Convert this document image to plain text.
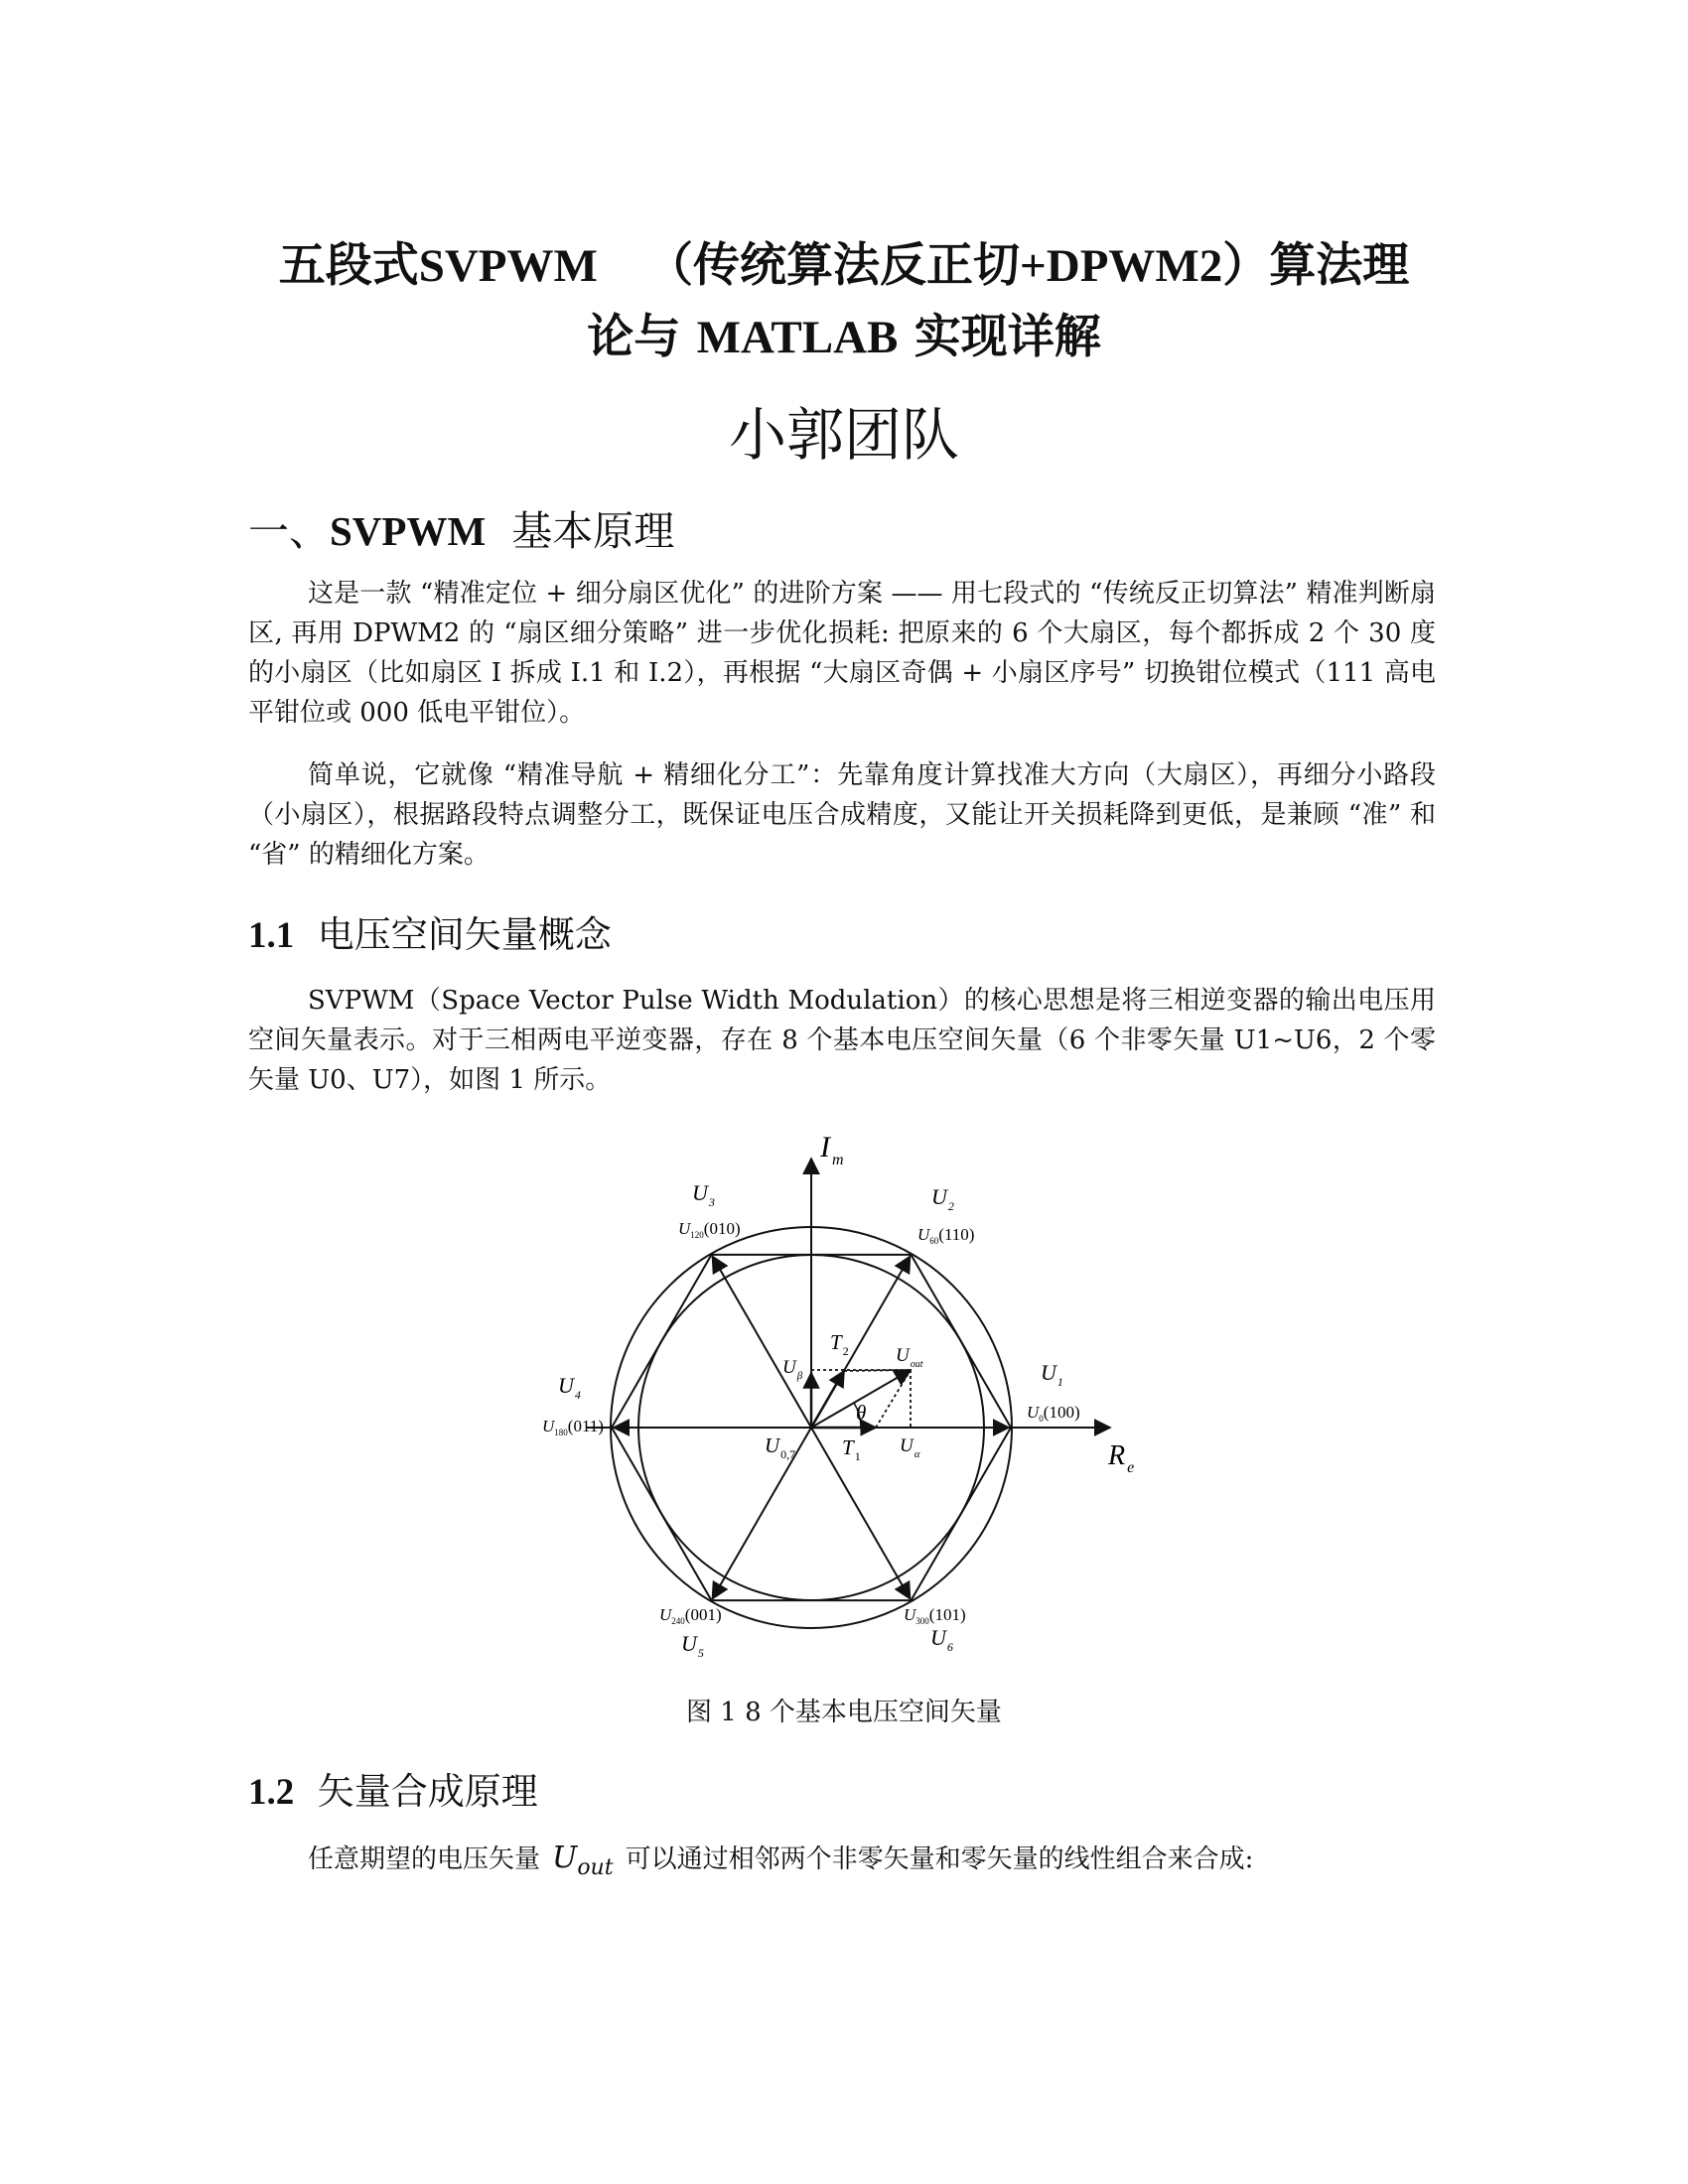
五段式SVPWM （传统算法反正切+DPWM2）算法理
论与 MATLAB 实现详解
小郭团队
一、SVPWM 基本原理
这是一款 “精准定位 + 细分扇区优化” 的进阶方案 —— 用七段式的 “传统反正切算法” 精准判断扇区, 再用 DPWM2 的 “扇区细分策略” 进一步优化损耗: 把原来的 6 个大扇区，每个都拆成 2 个 30 度的小扇区（比如扇区 I 拆成 I.1 和 I.2），再根据 “大扇区奇偶 + 小扇区序号” 切换钳位模式（111 高电平钳位或 000 低电平钳位）。
简单说，它就像 “精准导航 + 精细化分工”：先靠角度计算找准大方向（大扇区），再细分小路段（小扇区），根据路段特点调整分工，既保证电压合成精度，又能让开关损耗降到更低，是兼顾 “准” 和 “省” 的精细化方案。
1.1 电压空间矢量概念
SVPWM（Space Vector Pulse Width Modulation）的核心思想是将三相逆变器的输出电压用空间矢量表示。对于三相两电平逆变器，存在 8 个基本电压空间矢量（6 个非零矢量 U1~U6，2 个零矢量 U0、U7），如图 1 所示。
I $_m$
R $_e$
$U_2$
$U_{60}(110)$
$U_3$
$U_{120}(010)$
$U_1$
$U_0(100)$
$U_4$
$U_{180}(011)$
$U_{240}(001)$
$U_5$
$U_{300}(101)$
$U_6$
$U_{0,7}$ $T_1$
$T_2$
$U_\beta$
$U_{out}$
$U_\alpha$
θ
图 1 8 个基本电压空间矢量
1.2 矢量合成原理
任意期望的电压矢量 $U_{out}$ 可以通过相邻两个非零矢量和零矢量的线性组合来合成:
